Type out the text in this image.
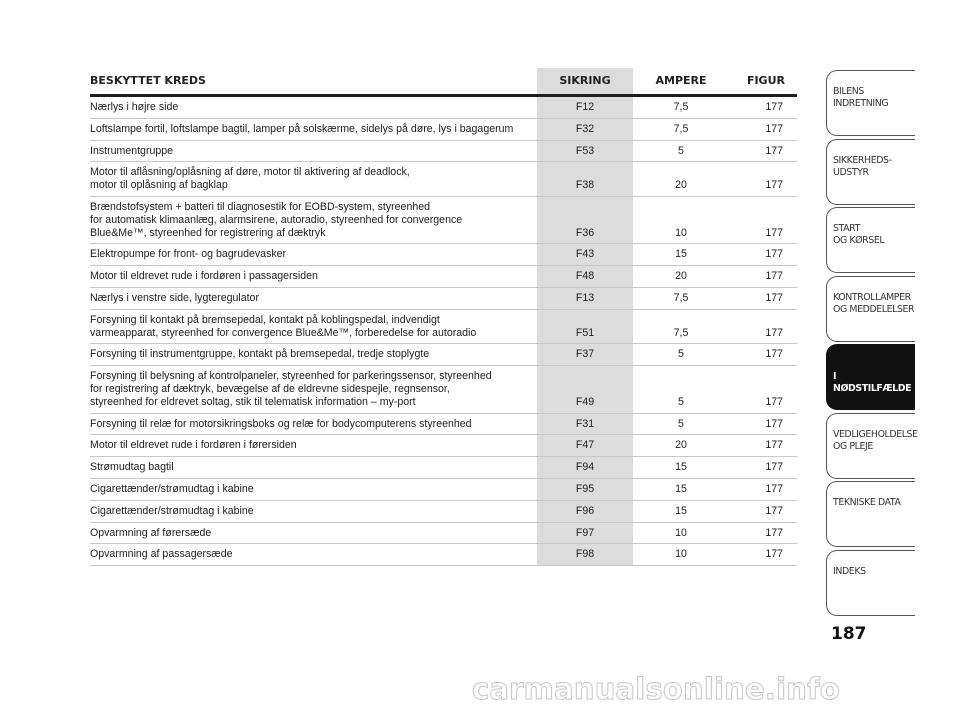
BESKYTTET KREDS	SIKRING	AMPERE	FIGUR
Nærlys i højre side	F12	7,5	177
Loftslampe fortil, loftslampe bagtil, lamper på solskærme, sidelys på døre, lys i bagagerum	F32	7,5	177
Instrumentgruppe	F53	5	177
Motor til aflåsning/oplåsning af døre, motor til aktivering af deadlock,
motor til oplåsning af bagklap	F38	20	177
Brændstofsystem + batteri til diagnosestik for EOBD-system, styreenhed
for automatisk klimaanlæg, alarmsirene, autoradio, styreenhed for convergence
Blue&Me™, styreenhed for registrering af dæktryk	F36	10	177
Elektropumpe for front- og bagrudevasker	F43	15	177
Motor til eldrevet rude i fordøren i passagersiden	F48	20	177
Nærlys i venstre side, lygteregulator	F13	7,5	177
Forsyning til kontakt på bremsepedal, kontakt på koblingspedal, indvendigt
varmeapparat, styreenhed for convergence Blue&Me™, forberedelse for autoradio	F51	7,5	177
Forsyning til instrumentgruppe, kontakt på bremsepedal, tredje stoplygte	F37	5	177
Forsyning til belysning af kontrolpaneler, styreenhed for parkeringssensor, styreenhed
for registrering af dæktryk, bevægelse af de eldrevne sidespejle, regnsensor,
styreenhed for eldrevet soltag, stik til telematisk information – my-port	F49	5	177
Forsyning til relæ for motorsikringsboks og relæ for bodycomputerens styreenhed	F31	5	177
Motor til eldrevet rude i fordøren i førersiden	F47	20	177
Strømudtag bagtil	F94	15	177
Cigarettænder/strømudtag i kabine	F95	15	177
Cigarettænder/strømudtag i kabine	F96	15	177
Opvarmning af førersæde	F97	10	177
Opvarmning af passagersæde	F98	10	177
BILENS
INDRETNING
SIKKERHEDS-
UDSTYR
START
OG KØRSEL
KONTROLLAMPER
OG MEDDELELSER
I NØDSTILFÆLDE
VEDLIGEHOLDELSE
OG PLEJE
TEKNISKE DATA
INDEKS
187
carmanualsonline.info
